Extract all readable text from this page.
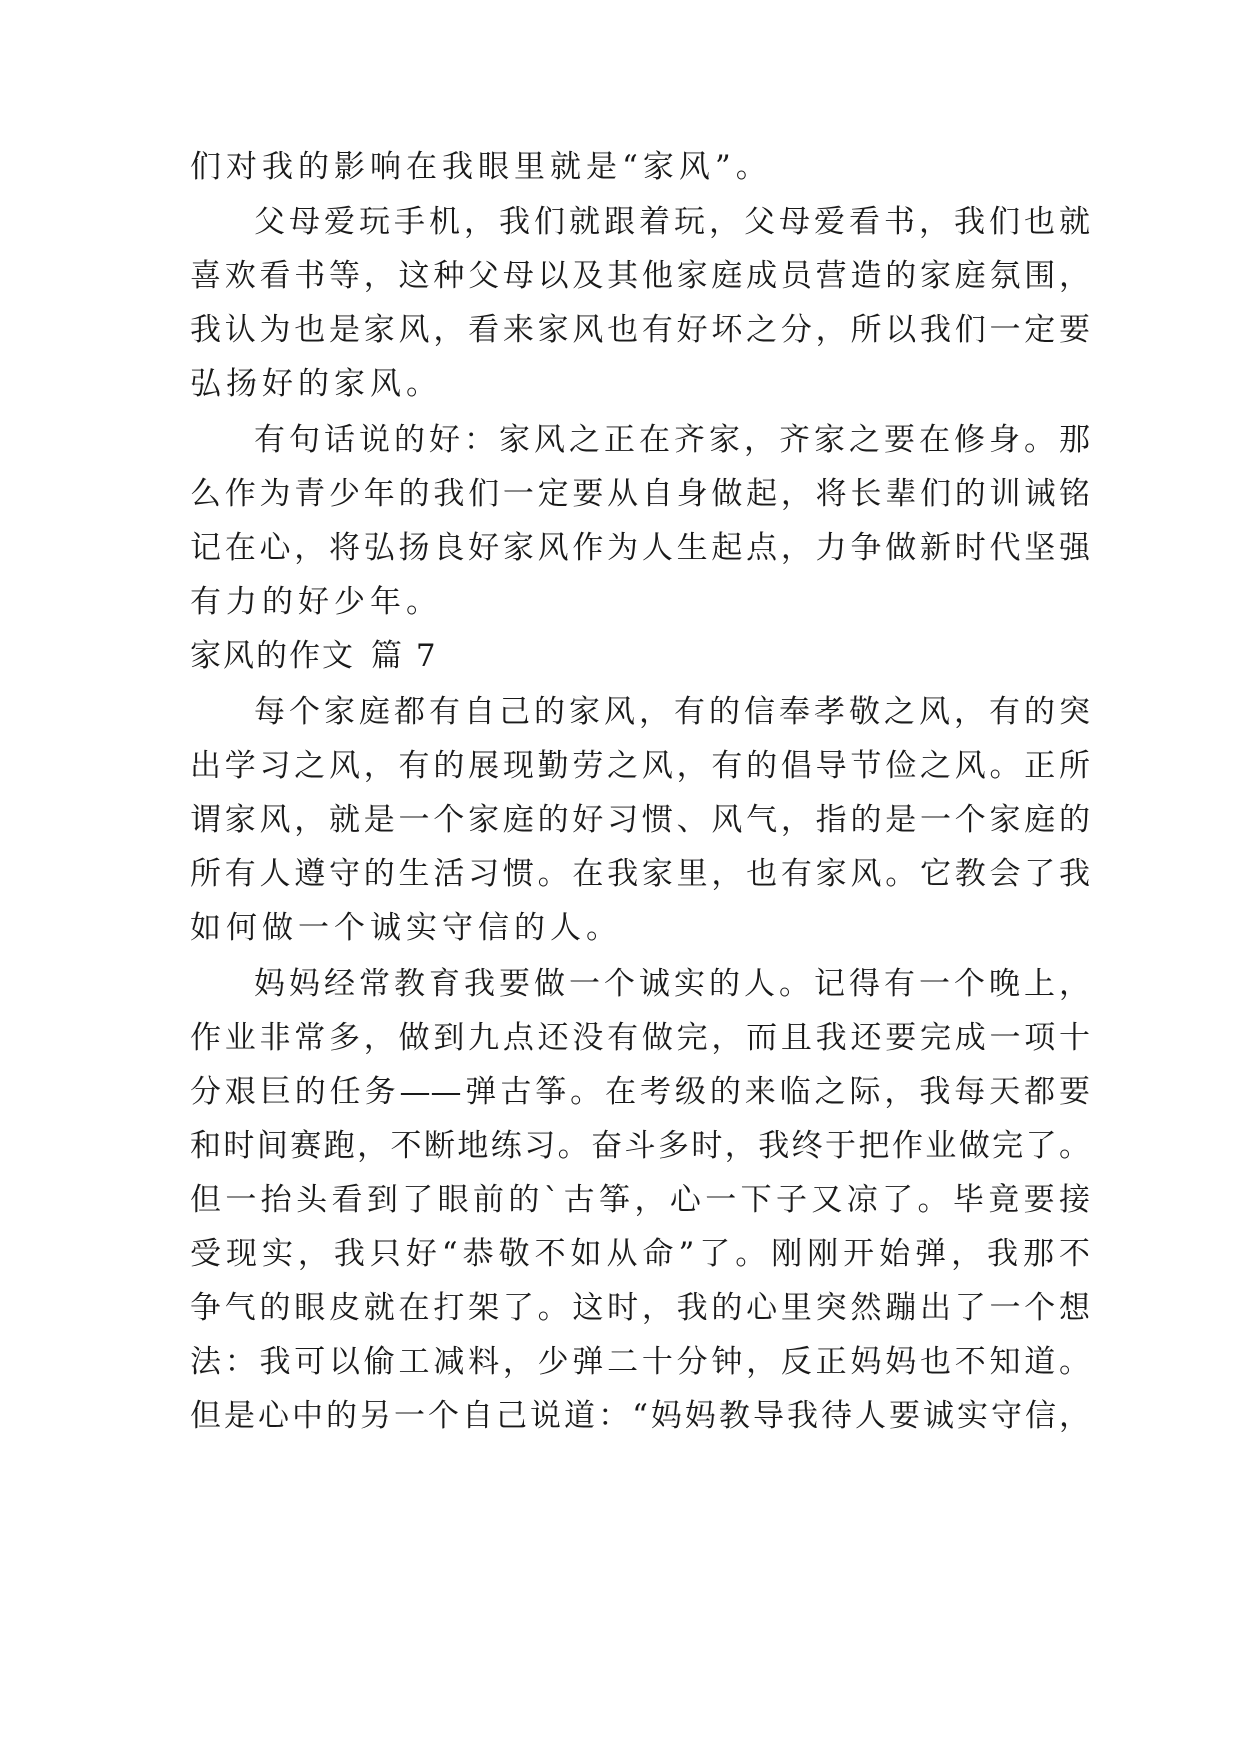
们对我的影响在我眼里就是“家风”。
父母爱玩手机，我们就跟着玩，父母爱看书，我们也就
喜欢看书等，这种父母以及其他家庭成员营造的家庭氛围，
我认为也是家风，看来家风也有好坏之分，所以我们一定要
弘扬好的家风。
有句话说的好：家风之正在齐家，齐家之要在修身。那
么作为青少年的我们一定要从自身做起，将长辈们的训诫铭
记在心，将弘扬良好家风作为人生起点，力争做新时代坚强
有力的好少年。
家风的作文 篇 7
每个家庭都有自己的家风，有的信奉孝敬之风，有的突
出学习之风，有的展现勤劳之风，有的倡导节俭之风。正所
谓家风，就是一个家庭的好习惯、风气，指的是一个家庭的
所有人遵守的生活习惯。在我家里，也有家风。它教会了我
如何做一个诚实守信的人。
妈妈经常教育我要做一个诚实的人。记得有一个晚上，
作业非常多，做到九点还没有做完，而且我还要完成一项十
分艰巨的任务——弹古筝。在考级的来临之际，我每天都要
和时间赛跑，不断地练习。奋斗多时，我终于把作业做完了。
但一抬头看到了眼前的`古筝，心一下子又凉了。毕竟要接
受现实，我只好“恭敬不如从命”了。刚刚开始弹，我那不
争气的眼皮就在打架了。这时，我的心里突然蹦出了一个想
法：我可以偷工减料，少弹二十分钟，反正妈妈也不知道。
但是心中的另一个自己说道：“妈妈教导我待人要诚实守信，
